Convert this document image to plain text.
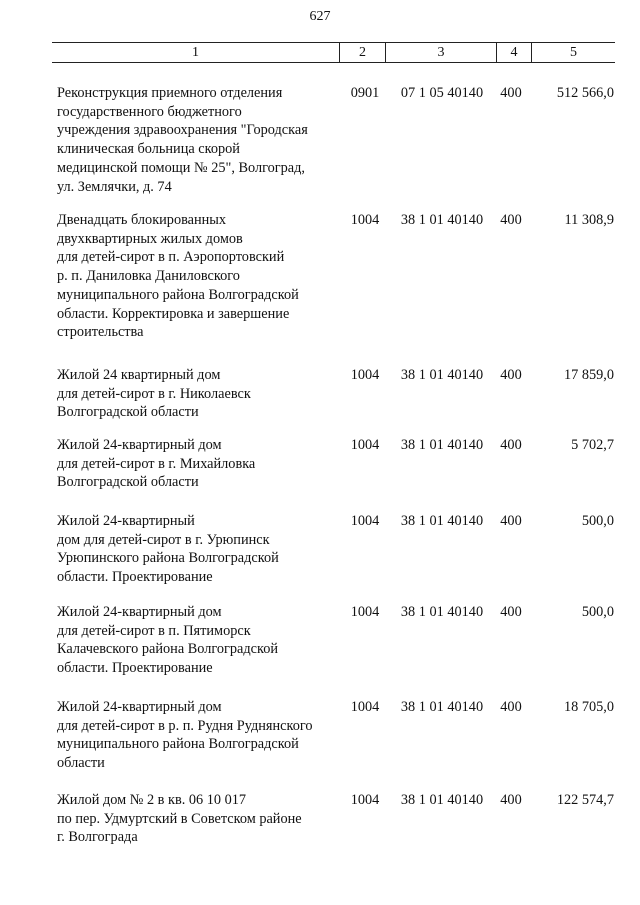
627
1	2	3	4	5
Реконструкция приемного отделения
государственного бюджетного
учреждения здравоохранения "Городская
клиническая больница скорой
медицинской помощи № 25", Волгоград,
ул. Землячки, д. 74
0901	07 1 05 40140	400	512 566,0
Двенадцать блокированных
двухквартирных жилых домов
для детей-сирот в п. Аэропортовский
р. п. Даниловка Даниловского
муниципального района Волгоградской
области. Корректировка и завершение
строительства
1004	38 1 01 40140	400	11 308,9
Жилой 24 квартирный дом
для детей-сирот в г. Николаевск
Волгоградской области
1004	38 1 01 40140	400	17 859,0
Жилой 24-квартирный дом
для детей-сирот в г. Михайловка
Волгоградской области
1004	38 1 01 40140	400	5 702,7
Жилой 24-квартирный
дом для детей-сирот в г. Урюпинск
Урюпинского района Волгоградской
области. Проектирование
1004	38 1 01 40140	400	500,0
Жилой 24-квартирный дом
для детей-сирот в п. Пятиморск
Калачевского района Волгоградской
области. Проектирование
1004	38 1 01 40140	400	500,0
Жилой 24-квартирный дом
для детей-сирот в р. п. Рудня Руднянского
муниципального района Волгоградской
области
1004	38 1 01 40140	400	18 705,0
Жилой дом № 2 в кв. 06 10 017
по пер. Удмуртский в Советском районе
г. Волгограда
1004	38 1 01 40140	400	122 574,7
